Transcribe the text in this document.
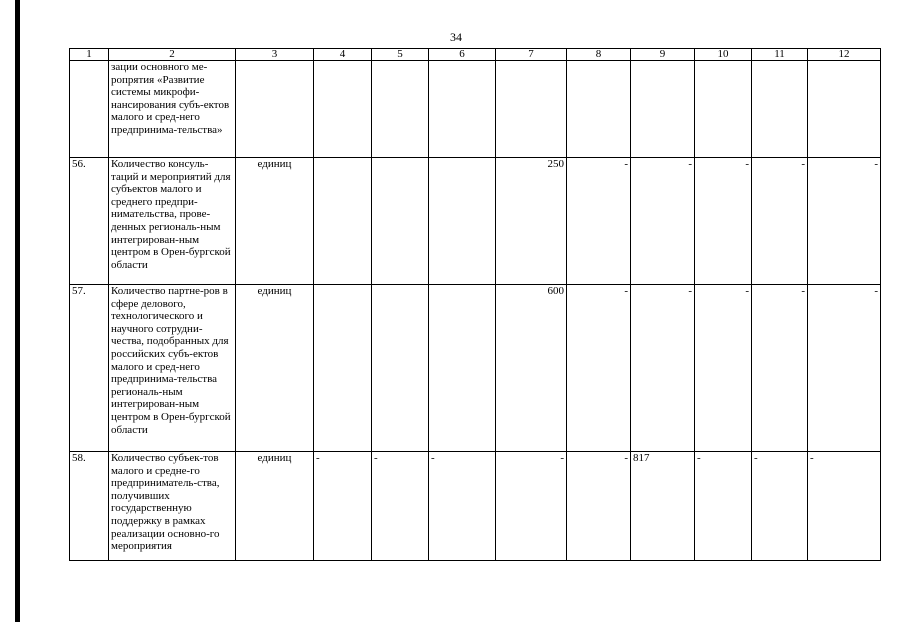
34
1	2	3	4	5	6	7	8	9	10	11	12
	зации основного ме-ропрятия «Развитие системы микрофи-нансирования субъ-ектов малого и сред-него предпринима-тельства»										
56.	Количество консуль-таций и мероприятий для субъектов малого и среднего предпри-нимательства, прове-денных региональ-ным интегрирован-ным центром в Орен-бургской области	единиц				250	-	-	-	-	-
57.	Количество партне-ров в сфере делового, технологического и научного сотрудни-чества, подобранных для российских субъ-ектов малого и сред-него предпринима-тельства региональ-ным интегрирован-ным центром в Орен-бургской области	единиц				600	-	-	-	-	-
58.	Количество субъек-тов малого и средне-го предприниматель-ства, получивших государственную поддержку в рамках реализации основно-го мероприятия	единиц	-	-	-	-	-	817	-	-	-
